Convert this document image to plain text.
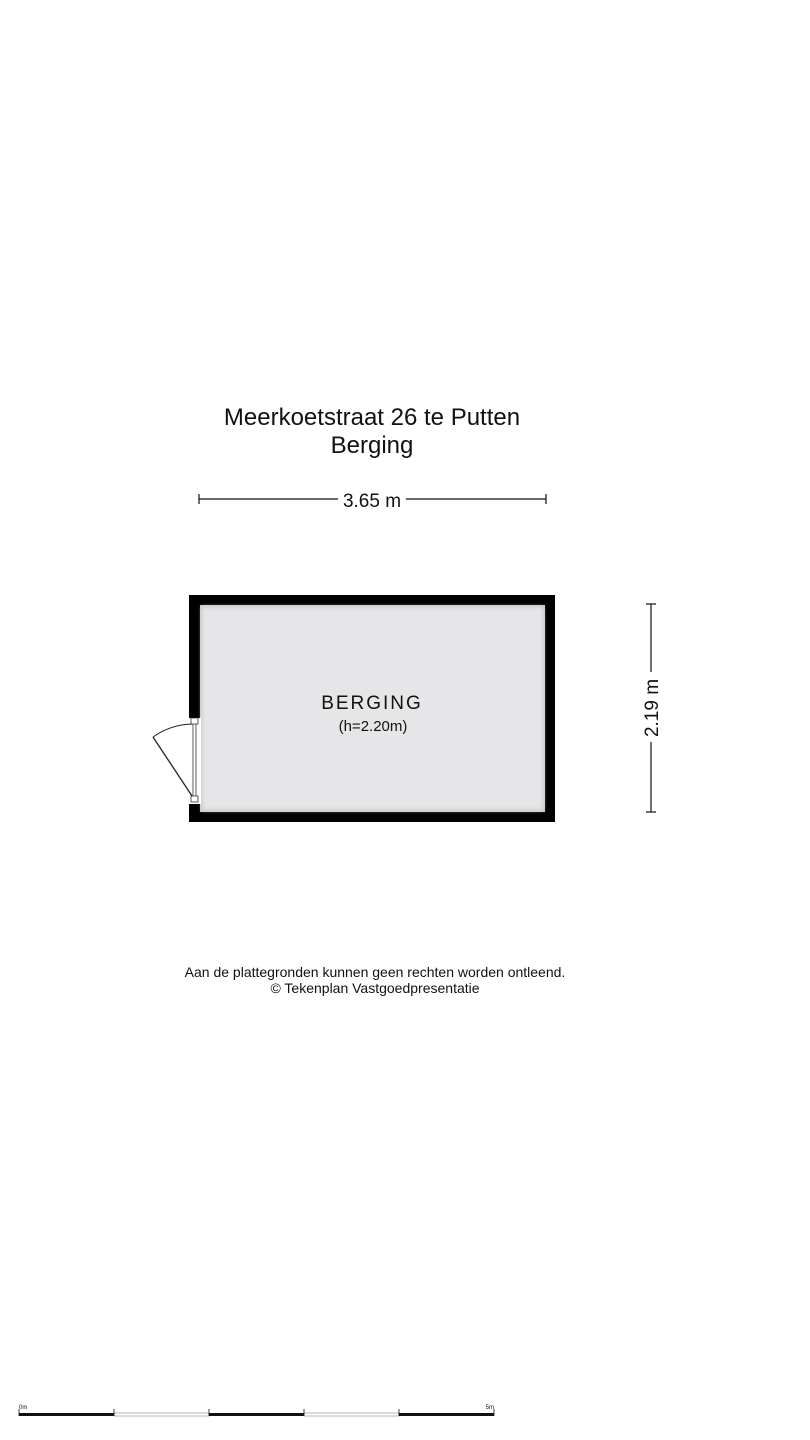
Meerkoetstraat 26 te Putten
Berging
3.65 m
2.19 m
BERGING
(h=2.20m)
0m	5m
Aan de plattegronden kunnen geen rechten worden ontleend.
© Tekenplan Vastgoedpresentatie
